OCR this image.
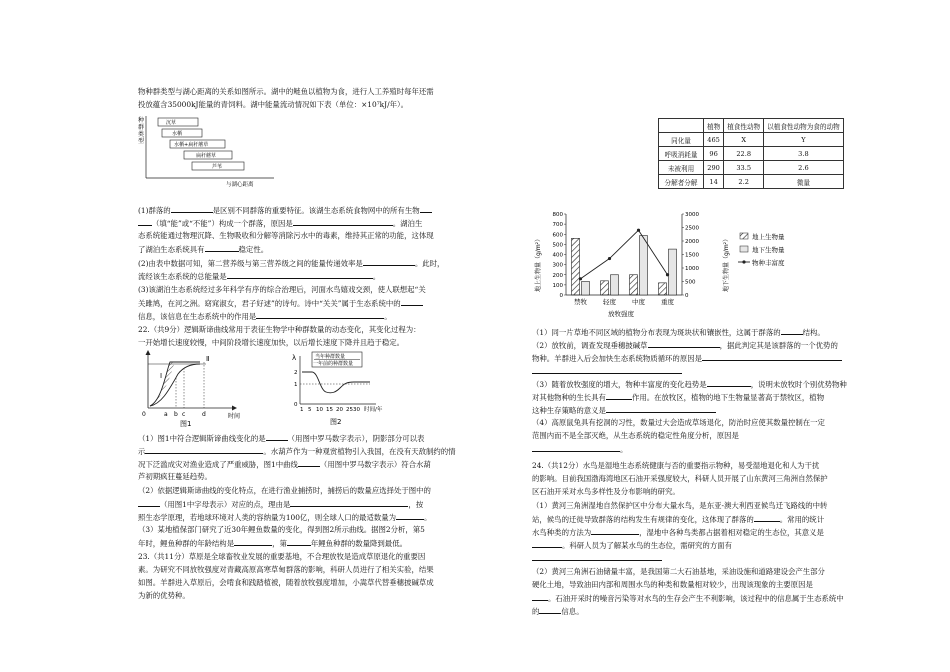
物种群类型与湖心距离的关系如图所示。湖中的鲢鱼以植物为食，进行人工养殖时每年还需
投放蕴含35000kJ能量的青饲料。湖中能量流动情况如下表（单位：×10⁷kJ/年）。
种
群
类
型
沉草
水栖
水栖+扁秆蘑草
扁秆蘑草
芦苇
与湖心距离
(1)群落的	是区别不同群落的重要特征。该湖生态系统食物网中的所有生物
（填“能”或“不能”）构成一个群落，原因是	。湖泊生
态系统能通过物理沉降、生物吸收和分解等消除污水中的毒素，维持其正常的功能，这体现
了湖泊生态系统具有	稳定性。
(2)由表中数据可知，第二营养级与第三营养级之间的能量传递效率是	。此时，
流经该生态系统的总能量是	。
(3)该湖泊生态系统经过多年科学有序的综合治理后，河面水鸟嬉戏交颈，使人联想起“关
关雎鸠，在河之洲。窈窕淑女，君子好逑”的诗句。诗中“关关”属于生态系统中的
信息，该信息在生态系统中的作用是	。
22.（共9分）逻辑斯谛曲线常用于表征生物学中种群数量的动态变化，其变化过程为：
一开始增长速度较慢，中间阶段增长速度加快，以后增长速度下降并且趋于稳定。
Ⅰ
Ⅱ
0	a b c	d	时间
图1
当年种群数量
一年前的种群数量
λ
2
1
0
1 5 10 15 20 2530 时间/年
图2
（1）图1中符合逻辑斯谛曲线变化的是	（用图中罗马数字表示），阴影部分可以表
示	。水葫芦作为一种观赏植物引入我国，在没有天敌制约的情
况下泛滥成灾对渔业造成了严重威胁，图1中曲线	（用图中罗马数字表示）符合水葫
芦初期疯狂蔓延趋势。
（2）依据逻辑斯谛曲线的变化特点，在进行渔业捕捞时，捕捞后的数量应选择处于图中的
（用图1中字母表示）对应的点，理由是	，按
照生态学原理，若地球环境对人类的容纳量为100亿，则全球人口的最适数量为	。
（3）某地植保部门研究了近30年鲤鱼数量的变化，得到图2所示曲线。据图2分析，第5
年时，鲤鱼种群的年龄结构是	，第	年鲤鱼种群的数量降到最低。
23.（共11分）草原是全球畜牧业发展的重要基地，不合理放牧是造成草原退化的重要因
素。为研究不同放牧强度对青藏高原高寒草甸群落的影响，科研人员进行了相关实验，结果
如图。羊群进入草原后，会啃食和践踏植被，随着放牧强度增加，小嵩草代替垂穗披碱草成
为新的优势种。
	植物	植食性动物	以植食性动物为食的动物
同化量	465	X	Y
呼吸消耗量	96	22.8	3.8
未被利用	290	33.5	2.6
分解者分解	14	2.2	微量
地上生物量（g/m²）	地下生物量（g/m²）
0
100
200
300
400
500
600
700
800
0
500
1000
1500
2000
2500
3000
禁牧 轻度 中度 重度
放牧强度
地上生物量
地下生物量
物种丰富度
（1）同一片草地不同区域的植物分布表现为斑块状和镶嵌性，这属于群落的	结构。
（2）放牧前，调查发现垂穗披碱草	，据此判定其是该群落的一个优势的
物种。羊群进入后会加快生态系统物质循环的原因是
（3）随着放牧强度的增大，物种丰富度的变化趋势是	，说明未放牧时个别优势物种
对其他物种的生长具有	作用。在放牧区，植物的地下生物量显著高于禁牧区，植物
这种生存策略的意义是
（4）高原鼠兔具有挖洞的习性，数量过大会造成草场退化，防治时应使其数量控制在一定
范围内而不是全部灭绝，从生态系统的稳定性角度分析，原因是
。
24.（共12分）水鸟是湿地生态系统健康与否的重要指示物种，易受湿地退化和人为干扰
的影响。目前我国渤海湾地区石油开采强度较大，科研人员开展了山东黄河三角洲自然保护
区石油开采对水鸟多样性及分布影响的研究。
（1）黄河三角洲湿地自然保护区中分布大量水鸟，是东亚-澳大利西亚候鸟迁飞路线的中转
站，候鸟的迁徙导致群落的结构发生有规律的变化，这体现了群落的	。常用的统计
水鸟种类的方法为	，湿地中各种鸟类都占据着相对稳定的生态位，其意义是
。科研人员为了解某水鸟的生态位，需研究的方面有
（2）黄河三角洲石油储量丰富，是我国第二大石油基地，采油设施和道路建设会产生部分
硬化土地，导致油田内部和周围水鸟的种类和数量相对较少，出现该现象的主要原因是
。石油开采时的噪音污染等对水鸟的生存会产生不利影响，该过程中的信息属于生态系统中
的	信息。
